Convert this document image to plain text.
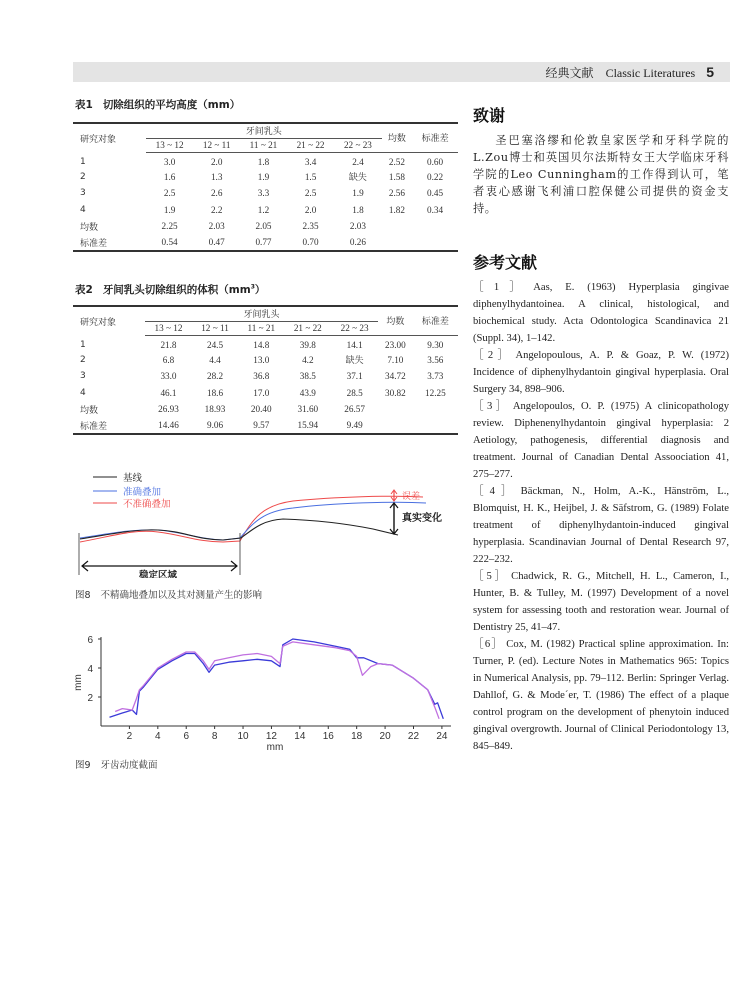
经典文献 Classic Literatures 5
表1 切除组织的平均高度（mm）
研究对象	牙间乳头					均数	标准差
	13 ~ 12	12 ~ 11	11 ~ 21	21 ~ 22	22 ~ 23		
1	3.0	2.0	1.8	3.4	2.4	2.52	0.60
2	1.6	1.3	1.9	1.5	缺失	1.58	0.22
3	2.5	2.6	3.3	2.5	1.9	2.56	0.45
4	1.9	2.2	1.2	2.0	1.8	1.82	0.34
均数	2.25	2.03	2.05	2.35	2.03		
标准差	0.54	0.47	0.77	0.70	0.26		
表2 牙间乳头切除组织的体积$(mm^3)$
研究对象	牙间乳头					均数	标准差
	13 ~ 12	12 ~ 11	11 ~ 21	21 ~ 22	22 ~ 23		
1	21.8	24.5	14.8	39.8	14.1	23.00	9.30
2	6.8	4.4	13.0	4.2	缺失	7.10	3.56
3	33.0	28.2	36.8	38.5	37.1	34.72	3.73
4	46.1	18.6	17.0	43.9	28.5	30.82	12.25
均数	26.93	18.93	20.40	31.60	26.57		
标准差	14.46	9.06	9.57	15.94	9.49		
基线
准确叠加
不准确叠加
误差
真实变化
稳定区域
图8 不精确地叠加以及其对测量产生的影响
2 4 6 8 10 12 14 16 18 20 22 24
2
4
6
mm
mm
图9 牙齿动度截面
致谢
圣巴塞洛缪和伦敦皇家医学和牙科学院的L.Zou博士和英国贝尔法斯特女王大学临床牙科学院的Leo Cunningham的工作得到认可，笔者衷心感谢飞利浦口腔保健公司提供的资金支持。
参考文献
［1］ Aas, E. (1963) Hyperplasia gingivae diphenylhydantoinea. A clinical, histological, and biochemical study. Acta Odontologica Scandinavica 21 (Suppl. 34), 1–142.
［2］ Angelopoulous, A. P. & Goaz, P. W. (1972) Incidence of diphenylhydantoin gingival hyperplasia. Oral Surgery 34, 898–906.
［3］ Angelopoulos, O. P. (1975) A clinicopathology review. Diphenenylhydantoin gingival hyperplasia: 2 Aetiology, pathogenesis, differential diagnosis and treatment. Journal of Canadian Dental Assoociation 41, 275–277.
［4］ Bäckman, N., Holm, A.-K., Hänström, L., Blomquist, H. K., Heijbel, J. & Säfstrom, G. (1989) Folate treatment of diphenylhydantoin-induced gingival hyperplasia. Scandinavian Journal of Dental Research 97, 222–232.
［5］ Chadwick, R. G., Mitchell, H. L., Cameron, I., Hunter, B. & Tulley, M. (1997) Development of a novel system for assessing tooth and restoration wear. Journal of Dentistry 25, 41–47.
［6］ Cox, M. (1982) Practical spline approximation. In: Turner, P. (ed). Lecture Notes in Mathematics 965: Topics in Numerical Analysis, pp. 79–112. Berlin: Springer Verlag. Dahllof, G. & Mode´er, T. (1986) The effect of a plaque control program on the development of phenytoin induced gingival overgrowth. Journal of Clinical Periodontology 13, 845–849.
